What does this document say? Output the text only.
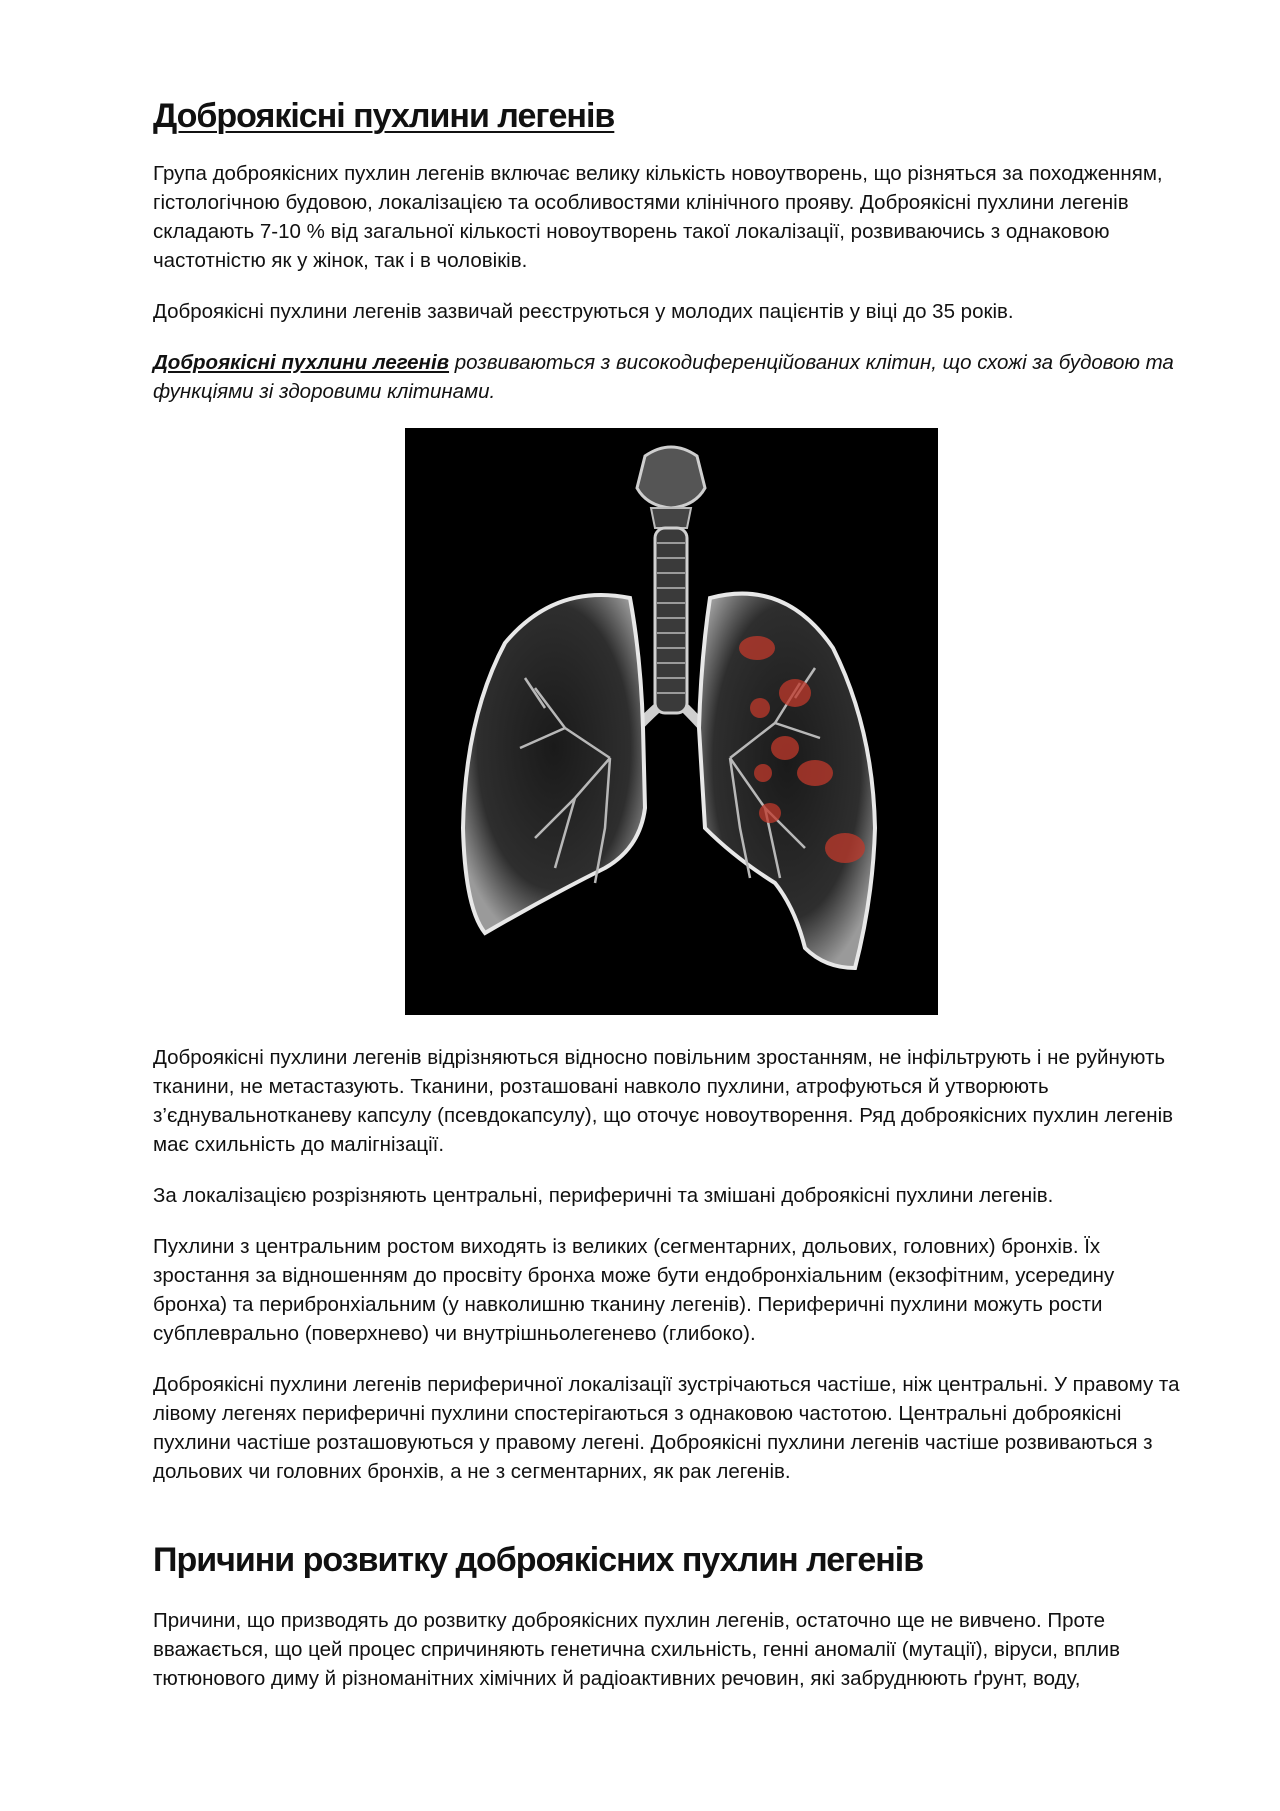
Доброякісні пухлини легенів

Група доброякісних пухлин легенів включає велику кількість новоутворень, що різняться за походженням, гістологічною будовою, локалізацією та особливостями клінічного прояву. Доброякісні пухлини легенів складають 7-10 % від загальної кількості новоутворень такої локалізації, розвиваючись з однаковою частотністю як у жінок, так і в чоловіків.

Доброякісні пухлини легенів зазвичай реєструються у молодих пацієнтів у віці до 35 років.

Доброякісні пухлини легенів розвиваються з високодиференційованих клітин, що схожі за будовою та функціями зі здоровими клітинами.

Доброякісні пухлини легенів відрізняються відносно повільним зростанням, не інфільтрують і не руйнують тканини, не метастазують. Тканини, розташовані навколо пухлини, атрофуються й утворюють з’єднувальнотканеву капсулу (псевдокапсулу), що оточує новоутворення. Ряд доброякісних пухлин легенів має схильність до малігнізації.

За локалізацією розрізняють центральні, периферичні та змішані доброякісні пухлини легенів.

Пухлини з центральним ростом виходять із великих (сегментарних, дольових, головних) бронхів. Їх зростання за відношенням до просвіту бронха може бути ендобронхіальним (екзофітним, усередину бронха) та перибронхіальним (у навколишню тканину легенів). Периферичні пухлини можуть рости субплеврально (поверхнево) чи внутрішньолегенево (глибоко).

Доброякісні пухлини легенів периферичної локалізації зустрічаються частіше, ніж центральні. У правому та лівому легенях периферичні пухлини спостерігаються з однаковою частотою. Центральні доброякісні пухлини частіше розташовуються у правому легені. Доброякісні пухлини легенів частіше розвиваються з дольових чи головних бронхів, а не з сегментарних, як рак легенів.

Причини розвитку доброякісних пухлин легенів

Причини, що призводять до розвитку доброякісних пухлин легенів, остаточно ще не вивчено. Проте вважається, що цей процес спричиняють генетична схильність, генні аномалії (мутації), віруси, вплив тютюнового диму й різноманітних хімічних й радіоактивних речовин, які забруднюють ґрунт, воду,
